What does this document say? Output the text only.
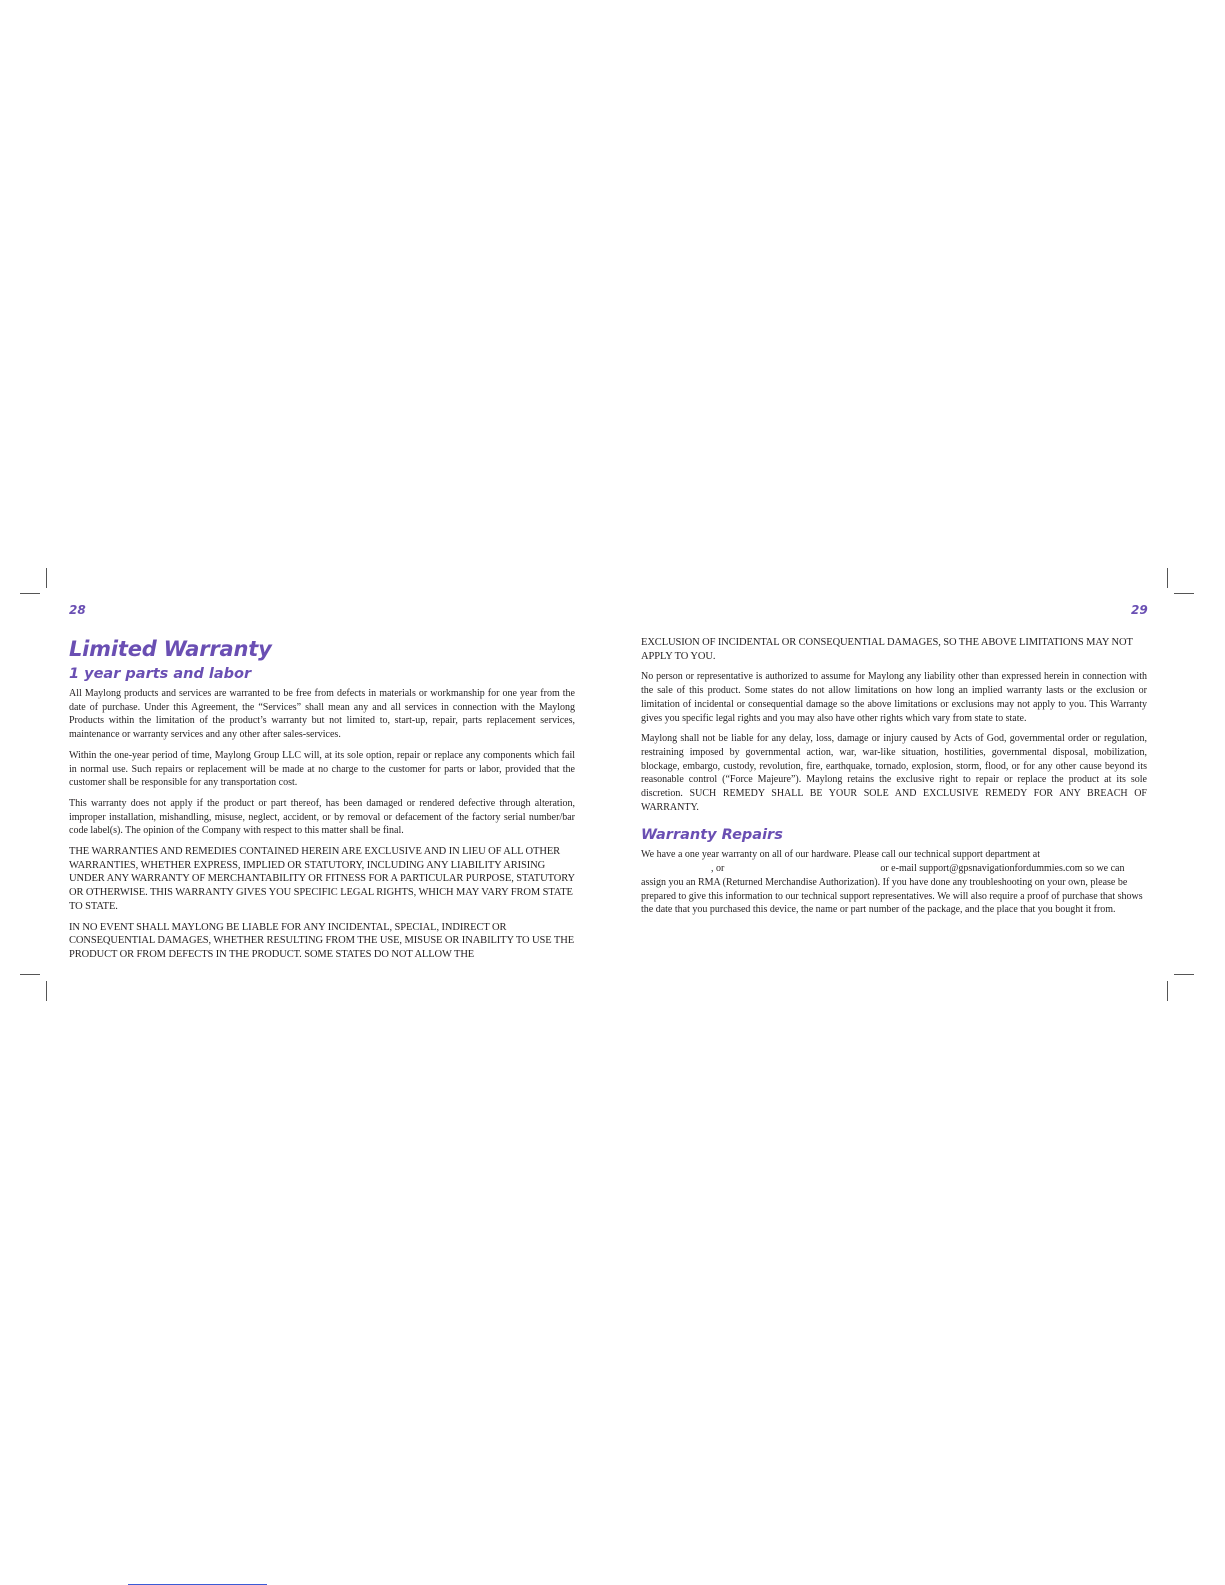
28	29
Limited Warranty
1 year parts and labor

All Maylong products and services are warranted to be free from defects in materials or workmanship for one year from the date of purchase. Under this Agreement, the “Services” shall mean any and all services in connection with the Maylong Products within the limitation of the product’s warranty but not limited to, start-up, repair, parts replacement services, maintenance or warranty services and any other after sales-services.

Within the one-year period of time, Maylong Group LLC will, at its sole option, repair or replace any components which fail in normal use. Such repairs or replacement will be made at no charge to the customer for parts or labor, provided that the customer shall be responsible for any transportation cost.

This warranty does not apply if the product or part thereof, has been damaged or rendered defective through alteration, improper installation, mishandling, misuse, neglect, accident, or by removal or defacement of the factory serial number/bar code label(s). The opinion of the Company with respect to this matter shall be final.

THE WARRANTIES AND REMEDIES CONTAINED HEREIN ARE EXCLUSIVE AND IN LIEU OF ALL OTHER WARRANTIES, WHETHER EXPRESS, IMPLIED OR STATUTORY, INCLUDING ANY LIABILITY ARISING UNDER ANY WARRANTY OF MERCHANTABILITY OR FITNESS FOR A PARTICULAR PURPOSE, STATUTORY OR OTHERWISE. THIS WARRANTY GIVES YOU SPECIFIC LEGAL RIGHTS, WHICH MAY VARY FROM STATE TO STATE.

IN NO EVENT SHALL MAYLONG BE LIABLE FOR ANY INCIDENTAL, SPECIAL, INDIRECT OR CONSEQUENTIAL DAMAGES, WHETHER RESULTING FROM THE USE, MISUSE OR INABILITY TO USE THE PRODUCT OR FROM DEFECTS IN THE PRODUCT. SOME STATES DO NOT ALLOW THE

EXCLUSION OF INCIDENTAL OR CONSEQUENTIAL DAMAGES, SO THE ABOVE LIMITATIONS MAY NOT APPLY TO YOU.

No person or representative is authorized to assume for Maylong any liability other than expressed herein in connection with the sale of this product. Some states do not allow limitations on how long an implied warranty lasts or the exclusion or limitation of incidental or consequential damage so the above limitations or exclusions may not apply to you. This Warranty gives you specific legal rights and you may also have other rights which vary from state to state.

Maylong shall not be liable for any delay, loss, damage or injury caused by Acts of God, governmental order or regulation, restraining imposed by governmental action, war, war-like situation, hostilities, governmental disposal, mobilization, blockage, embargo, custody, revolution, fire, earthquake, tornado, explosion, storm, flood, or for any other cause beyond its reasonable control (“Force Majeure”). Maylong retains the exclusive right to repair or replace the product at its sole discretion. SUCH REMEDY SHALL BE YOUR SOLE AND EXCLUSIVE REMEDY FOR ANY BREACH OF WARRANTY.

Warranty Repairs

We have a one year warranty on all of our hardware. Please call our technical support department at
, or	or e-mail support@gpsnavigationfordummies.com so we can assign you an RMA (Returned Merchandise Authorization). If you have done any troubleshooting on your own, please be prepared to give this information to our technical support representatives. We will also require a proof of purchase that shows the date that you purchased this device, the name or part number of the package, and the place that you bought it from.
